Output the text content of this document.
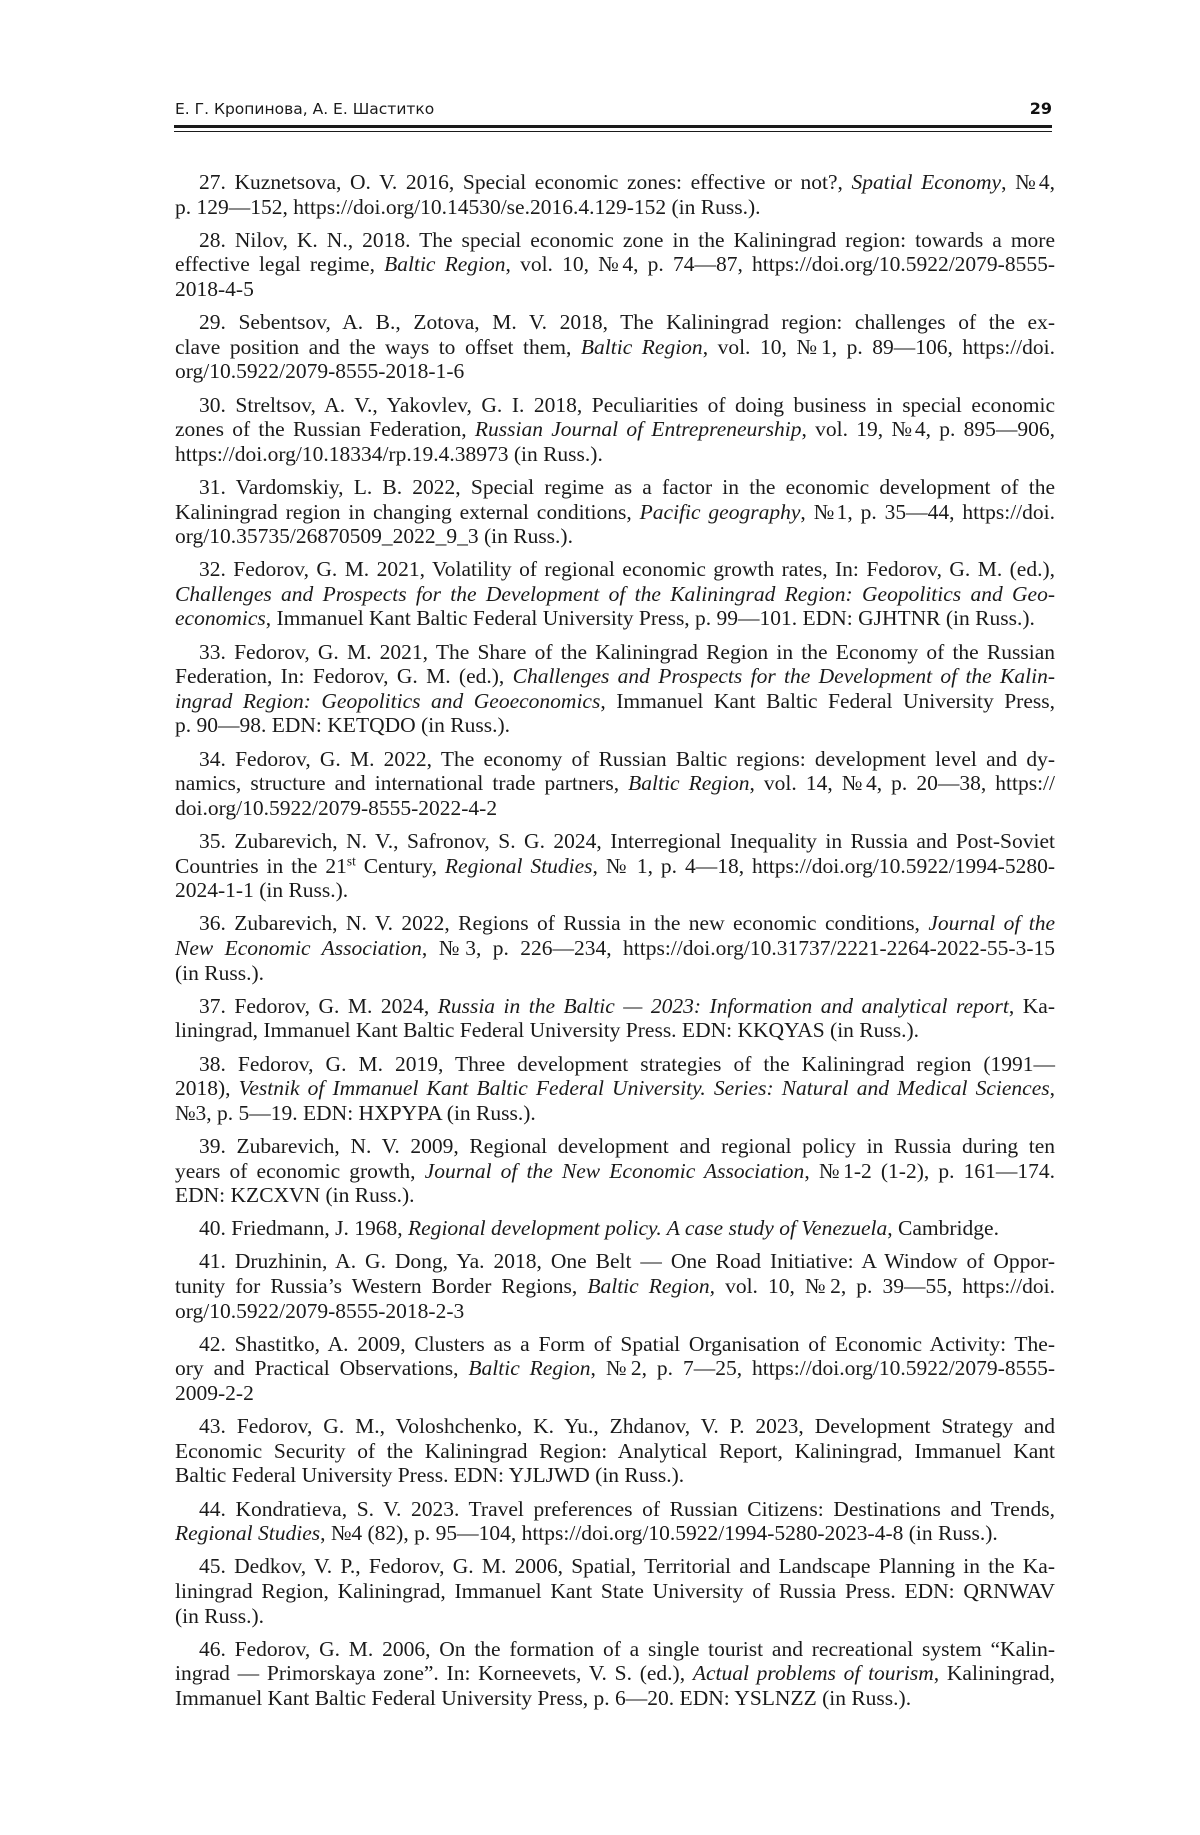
Е. Г. Кропинова, А. Е. Шаститко	29
27. Kuznetsova, O. V. 2016, Special economic zones: effective or not?, Spatial Economy, №4,
p. 129—152, https://doi.org/10.14530/se.2016.4.129-152 (in Russ.).
28. Nilov, K. N., 2018. The special economic zone in the Kaliningrad region: towards a more
effective legal regime, Baltic Region, vol. 10, №4, p. 74—87, https://doi.org/10.5922/2079-8555-
2018-4-5
29. Sebentsov, A. B., Zotova, M. V. 2018, The Kaliningrad region: challenges of the ex-
clave position and the ways to offset them, Baltic Region, vol. 10, №1, p. 89—106, https://doi.
org/10.5922/2079-8555-2018-1-6
30. Streltsov, A. V., Yakovlev, G. I. 2018, Peculiarities of doing business in special economic
zones of the Russian Federation, Russian Journal of Entrepreneurship, vol. 19, №4, p. 895—906,
https://doi.org/10.18334/rp.19.4.38973 (in Russ.).
31. Vardomskiy, L. B. 2022, Special regime as a factor in the economic development of the
Kaliningrad region in changing external conditions, Pacific geography, №1, p. 35—44, https://doi.
org/10.35735/26870509_2022_9_3 (in Russ.).
32. Fedorov, G. M. 2021, Volatility of regional economic growth rates, In: Fedorov, G. M. (ed.),
Challenges and Prospects for the Development of the Kaliningrad Region: Geopolitics and Geo-
economics, Immanuel Kant Baltic Federal University Press, p. 99—101. EDN: GJHTNR (in Russ.).
33. Fedorov, G. M. 2021, The Share of the Kaliningrad Region in the Economy of the Russian
Federation, In: Fedorov, G. M. (ed.), Challenges and Prospects for the Development of the Kalin-
ingrad Region: Geopolitics and Geoeconomics, Immanuel Kant Baltic Federal University Press,
p. 90—98. EDN: KETQDO (in Russ.).
34. Fedorov, G. M. 2022, The economy of Russian Baltic regions: development level and dy-
namics, structure and international trade partners, Baltic Region, vol. 14, №4, p. 20—38, https://
doi.org/10.5922/2079-8555-2022-4-2
35. Zubarevich, N. V., Safronov, S. G. 2024, Interregional Inequality in Russia and Post-Soviet
Countries in the 21st Century, Regional Studies, № 1, p. 4—18, https://doi.org/10.5922/1994-5280-
2024-1-1 (in Russ.).
36. Zubarevich, N. V. 2022, Regions of Russia in the new economic conditions, Journal of the
New Economic Association, №3, p. 226—234, https://doi.org/10.31737/2221-2264-2022-55-3-15
(in Russ.).
37. Fedorov, G. M. 2024, Russia in the Baltic — 2023: Information and analytical report, Ka-
liningrad, Immanuel Kant Baltic Federal University Press. EDN: KKQYAS (in Russ.).
38. Fedorov, G. M. 2019, Three development strategies of the Kaliningrad region (1991—
2018), Vestnik of Immanuel Kant Baltic Federal University. Series: Natural and Medical Sciences,
№3, p. 5—19. EDN: HXPYPA (in Russ.).
39. Zubarevich, N. V. 2009, Regional development and regional policy in Russia during ten
years of economic growth, Journal of the New Economic Association, №1-2 (1-2), p. 161—174.
EDN: KZCXVN (in Russ.).
40. Friedmann, J. 1968, Regional development policy. A case study of Venezuela, Cambridge.
41. Druzhinin, A. G. Dong, Ya. 2018, One Belt — One Road Initiative: A Window of Oppor-
tunity for Russia’s Western Border Regions, Baltic Region, vol. 10, №2, p. 39—55, https://doi.
org/10.5922/2079-8555-2018-2-3
42. Shastitko, A. 2009, Clusters as a Form of Spatial Organisation of Economic Activity: The-
ory and Practical Observations, Baltic Region, №2, p. 7—25, https://doi.org/10.5922/2079-8555-
2009-2-2
43. Fedorov, G. M., Voloshchenko, K. Yu., Zhdanov, V. P. 2023, Development Strategy and
Economic Security of the Kaliningrad Region: Analytical Report, Kaliningrad, Immanuel Kant
Baltic Federal University Press. EDN: YJLJWD (in Russ.).
44. Kondratieva, S. V. 2023. Travel preferences of Russian Citizens: Destinations and Trends,
Regional Studies, №4 (82), p. 95—104, https://doi.org/10.5922/1994-5280-2023-4-8 (in Russ.).
45. Dedkov, V. P., Fedorov, G. M. 2006, Spatial, Territorial and Landscape Planning in the Ka-
liningrad Region, Kaliningrad, Immanuel Kant State University of Russia Press. EDN: QRNWAV
(in Russ.).
46. Fedorov, G. M. 2006, On the formation of a single tourist and recreational system “Kalin-
ingrad — Primorskaya zone”. In: Korneevets, V. S. (ed.), Actual problems of tourism, Kaliningrad,
Immanuel Kant Baltic Federal University Press, p. 6—20. EDN: YSLNZZ (in Russ.).
